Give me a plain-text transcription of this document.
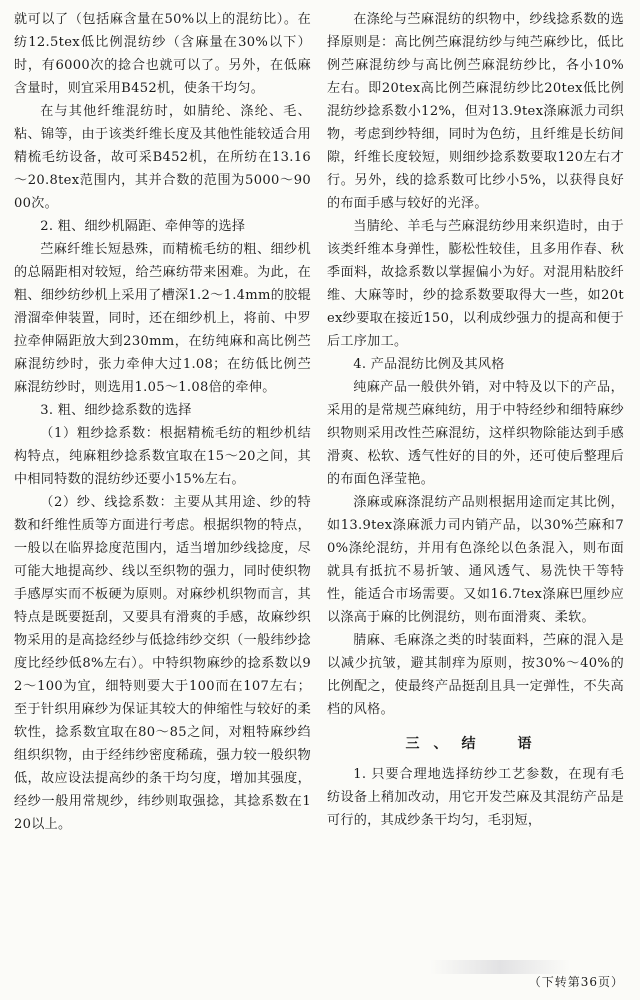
就可以了（包括麻含量在50%以上的混纺比）。在纺12.5tex低比例混纺纱（含麻量在30%以下）时，有6000次的捻合也就可以了。另外，在低麻含量时，则宜采用B452机，使条干均匀。

在与其他纤维混纺时，如腈纶、涤纶、毛、粘、锦等，由于该类纤维长度及其他性能较适合用精梳毛纺设备，故可采B452机，在所纺在13.16～20.8tex范围内，其并合数的范围为5000～9000次。

2. 粗、细纱机隔距、牵伸等的选择

苎麻纤维长短悬殊，而精梳毛纺的粗、细纱机的总隔距相对较短，给苎麻纺带来困难。为此，在粗、细纱纺纱机上采用了槽深1.2～1.4mm的胶辊滑溜牵伸装置，同时，还在细纱机上，将前、中罗拉牵伸隔距放大到230mm，在纺纯麻和高比例苎麻混纺纱时，张力牵伸大过1.08；在纺低比例苎麻混纺纱时，则选用1.05～1.08倍的牵伸。

3. 粗、细纱捻系数的选择

（1）粗纱捻系数：根据精梳毛纺的粗纱机结构特点，纯麻粗纱捻系数宜取在15～20之间，其中相同特数的混纺纱还要小15%左右。

（2）纱、线捻系数：主要从其用途、纱的特数和纤维性质等方面进行考虑。根据织物的特点，一般以在临界捻度范围内，适当增加纱线捻度，尽可能大地提高纱、线以至织物的强力，同时使织物手感厚实而不板硬为原则。对麻纱机织物而言，其特点是既要挺刮，又要具有滑爽的手感，故麻纱织物采用的是高捻经纱与低捻纬纱交织（一般纬纱捻度比经纱低8%左右）。中特织物麻纱的捻系数以92～100为宜，细特则要大于100而在107左右；至于针织用麻纱为保证其较大的伸缩性与较好的柔软性，捻系数宜取在80～85之间，对粗特麻纱绉组织织物，由于经纬纱密度稀疏，强力较一般织物低，故应设法提高纱的条干均匀度，增加其强度，经纱一般用常规纱，纬纱则取强捻，其捻系数在120以上。

在涤纶与苎麻混纺的织物中，纱线捻系数的选择原则是：高比例苎麻混纺纱与纯苎麻纱比，低比例苎麻混纺纱与高比例苎麻混纺纱比，各小10%左右。即20tex高比例苎麻混纺纱比20tex低比例混纺纱捻系数小12%，但对13.9tex涤麻派力司织物，考虑到纱特细，同时为色纺，且纤维是长纺间隙，纤维长度较短，则细纱捻系数要取120左右才行。另外，线的捻系数可比纱小5%，以获得良好的布面手感与较好的光泽。

当腈纶、羊毛与苎麻混纺纱用来织造时，由于该类纤维本身弹性，膨松性较佳，且多用作春、秋季面料，故捻系数以掌握偏小为好。对混用粘胶纤维、大麻等时，纱的捻系数要取得大一些，如20tex纱要取在接近150，以利成纱强力的提高和便于后工序加工。

4. 产品混纺比例及其风格

纯麻产品一般供外销，对中特及以下的产品，采用的是常规苎麻纯纺，用于中特经纱和细特麻纱织物则采用改性苎麻混纺，这样织物除能达到手感滑爽、松软、透气性好的目的外，还可使后整理后的布面色泽莹艳。

涤麻或麻涤混纺产品则根据用途而定其比例，如13.9tex涤麻派力司内销产品，以30%苎麻和70%涤纶混纺，并用有色涤纶以色条混入，则布面就具有抵抗不易折皱、通风透气、易洗快干等特性，能适合市场需要。又如16.7tex涤麻巴厘纱应以涤高于麻的比例混纺，则布面滑爽、柔软。

腈麻、毛麻涤之类的时装面料，苎麻的混入是以减少抗皱，避其制痒为原则，按30%～40%的比例配之，使最终产品挺刮且具一定弹性，不失高档的风格。

三、结　语

1. 只要合理地选择纺纱工艺参数，在现有毛纺设备上稍加改动，用它开发苎麻及其混纺产品是可行的，其成纱条干均匀，毛羽短，

（下转第36页）
